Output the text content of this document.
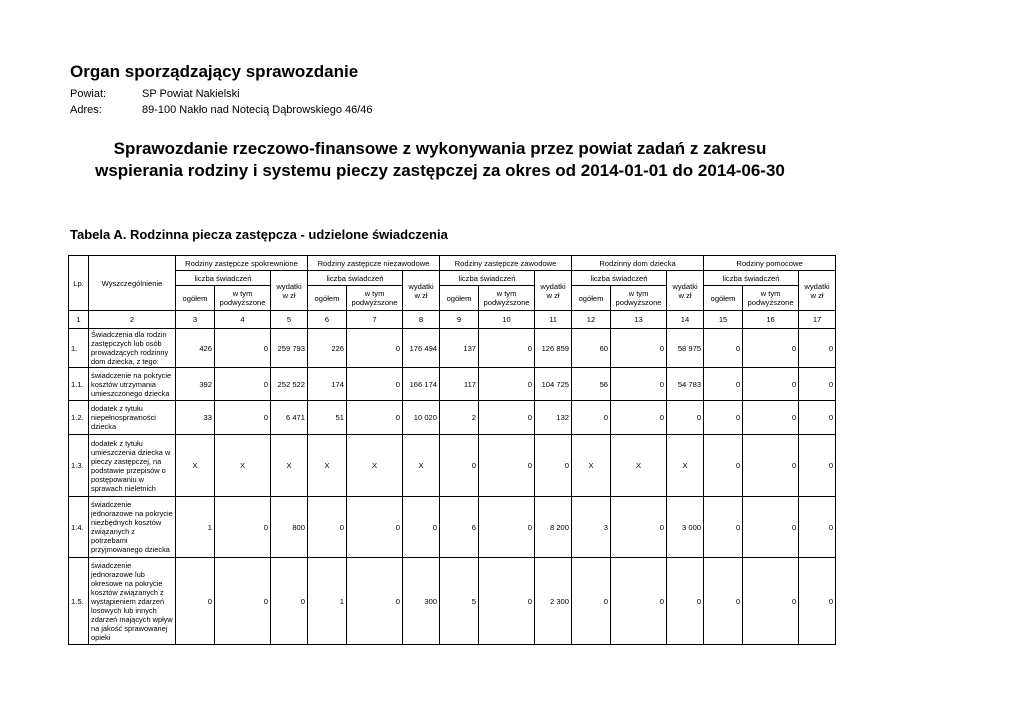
Organ sporządzający sprawozdanie
Powiat:	SP Powiat Nakielski
Adres:	89-100 Nakło nad Notecią Dąbrowskiego 46/46
Sprawozdanie rzeczowo-finansowe z wykonywania przez powiat zadań z zakresu
wspierania rodziny i systemu pieczy zastępczej za okres od 2014-01-01 do 2014-06-30
Tabela A. Rodzinna piecza zastępcza - udzielone świadczenia
Lp.	Wyszczególnienie	Rodziny zastępcze spokrewnione			Rodziny zastępcze niezawodowe			Rodziny zastępcze zawodowe			Rodzinny dom dziecka			Rodziny pomocowe		
		liczba świadczeń		wydatki w zł	liczba świadczeń		wydatki w zł	liczba świadczeń		wydatki w zł	liczba świadczeń		wydatki w zł	liczba świadczeń		wydatki w zł
		ogółem	w tym podwyższone		ogółem	w tym podwyższone		ogółem	w tym podwyższone		ogółem	w tym podwyższone		ogółem	w tym podwyższone	
1	2	3	4	5	6	7	8	9	10	11	12	13	14	15	16	17
1.	Świadczenia dla rodzin zastępczych lub osób prowadzących rodzinny dom dziecka, z tego:	426	0	259 793	226	0	176 494	137	0	126 859	60	0	58 975	0	0	0
1.1.	świadczenie na pokrycie kosztów utrzymania umieszczonego dziecka	392	0	252 522	174	0	166 174	117	0	104 725	56	0	54 783	0	0	0
1.2.	dodatek z tytułu niepełnosprawności dziecka	33	0	6 471	51	0	10 020	2	0	132	0	0	0	0	0	0
1.3.	dodatek z tytułu umieszczenia dziecka w pieczy zastępczej, na podstawie przepisów o postępowaniu w sprawach nieletnich	X	X	X	X	X	X	0	0	0	X	X	X	0	0	0
1.4.	świadczenie jednorazowe na pokrycie niezbędnych kosztów związanych z potrzebami przyjmowanego dziecka	1	0	800	0	0	0	6	0	8 200	3	0	3 000	0	0	0
1.5.	świadczenie jednorazowe lub okresowe na pokrycie kosztów związanych z wystąpieniem zdarzeń losowych lub innych zdarzeń mających wpływ na jakość sprawowanej opieki	0	0	0	1	0	300	5	0	2 300	0	0	0	0	0	0
